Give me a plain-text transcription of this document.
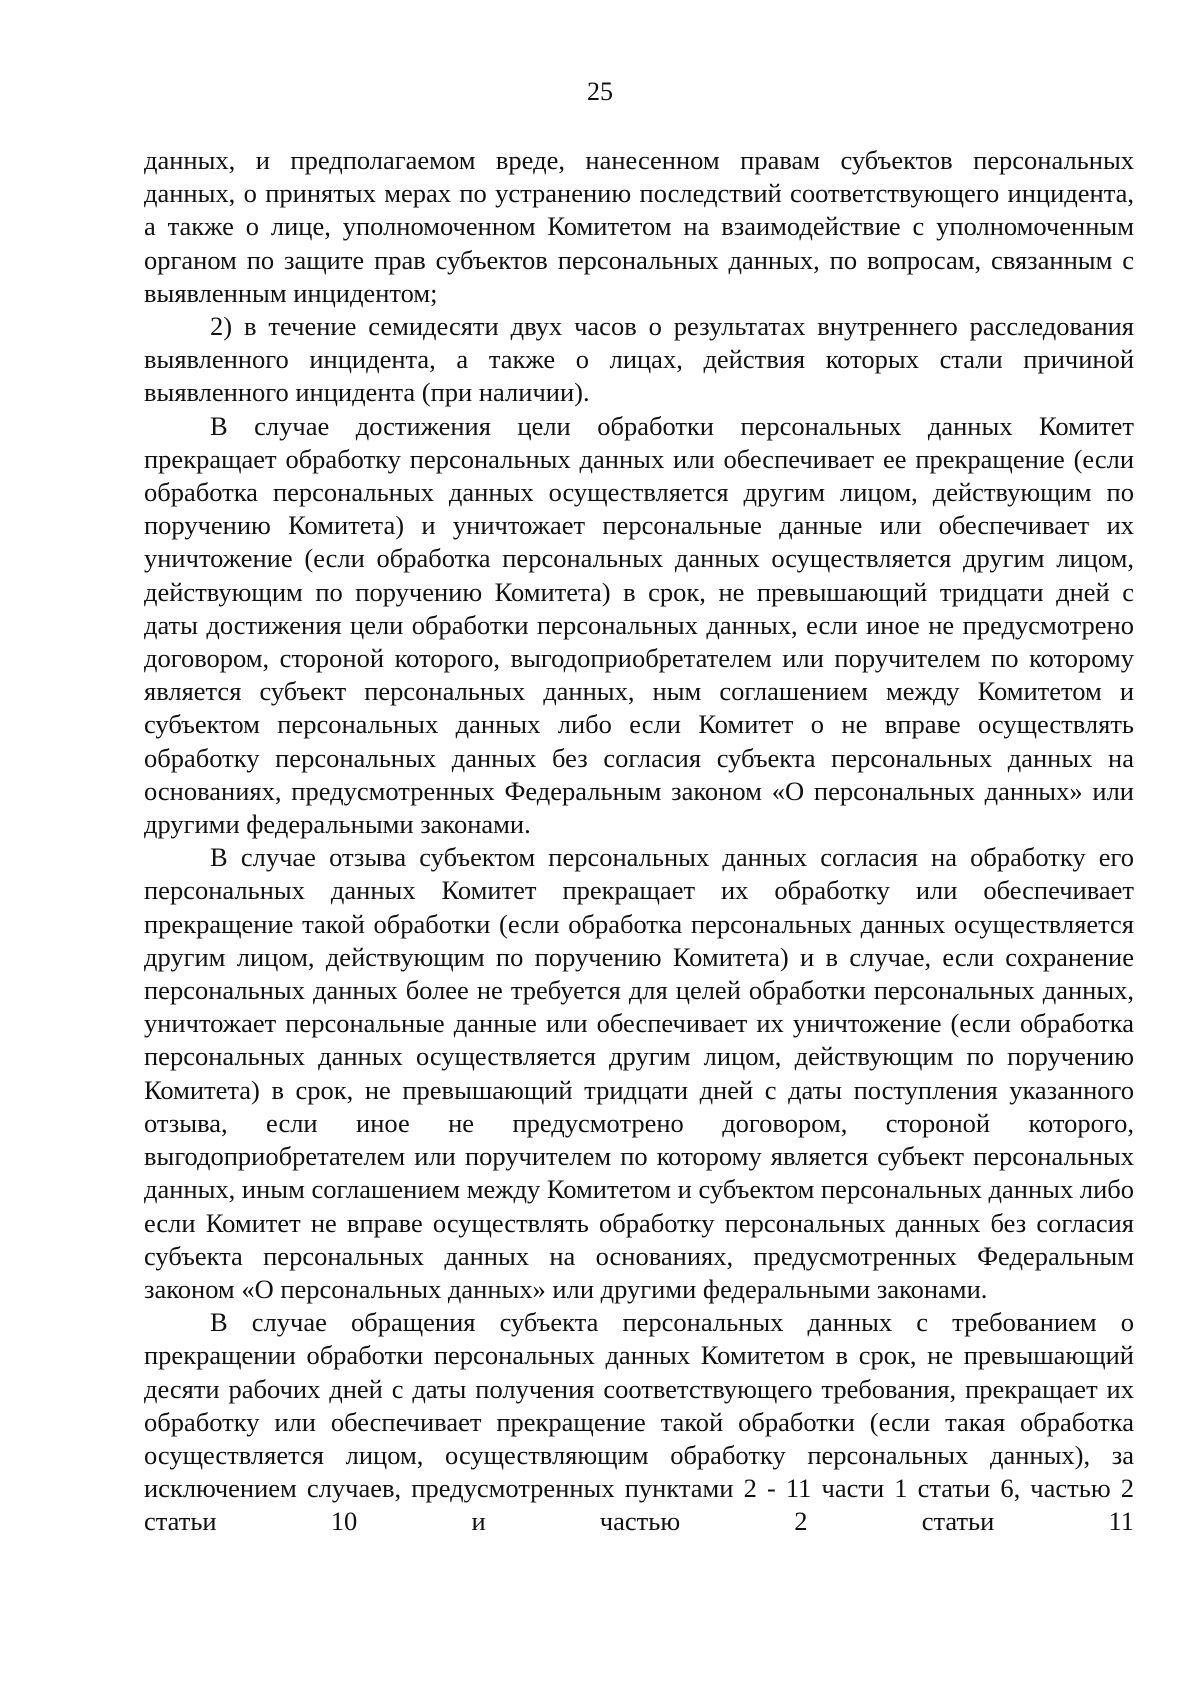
25

данных, и предполагаемом вреде, нанесенном правам субъектов персональных данных, о принятых мерах по устранению последствий соответствующего инцидента, а также о лице, уполномоченном Комитетом на взаимодействие с уполномоченным органом по защите прав субъектов персональных данных, по вопросам, связанным с выявленным инцидентом;

2) в течение семидесяти двух часов о результатах внутреннего расследования выявленного инцидента, а также о лицах, действия которых стали причиной выявленного инцидента (при наличии).

В случае достижения цели обработки персональных данных Комитет прекращает обработку персональных данных или обеспечивает ее прекращение (если обработка персональных данных осуществляется другим лицом, действующим по поручению Комитета) и уничтожает персональные данные или обеспечивает их уничтожение (если обработка персональных данных осуществляется другим лицом, действующим по поручению Комитета) в срок, не превышающий тридцати дней с даты достижения цели обработки персональных данных, если иное не предусмотрено договором, стороной которого, выгодоприобретателем или поручителем по которому является субъект персональных данных, ным соглашением между Комитетом и субъектом персональных данных либо если Комитет о не вправе осуществлять обработку персональных данных без согласия субъекта персональных данных на основаниях, предусмотренных Федеральным законом «О персональных данных» или другими федеральными законами.

В случае отзыва субъектом персональных данных согласия на обработку его персональных данных Комитет прекращает их обработку или обеспечивает прекращение такой обработки (если обработка персональных данных осуществляется другим лицом, действующим по поручению Комитета) и в случае, если сохранение персональных данных более не требуется для целей обработки персональных данных, уничтожает персональные данные или обеспечивает их уничтожение (если обработка персональных данных осуществляется другим лицом, действующим по поручению Комитета) в срок, не превышающий тридцати дней с даты поступления указанного отзыва, если иное не предусмотрено договором, стороной которого, выгодоприобретателем или поручителем по которому является субъект персональных данных, иным соглашением между Комитетом и субъектом персональных данных либо если Комитет не вправе осуществлять обработку персональных данных без согласия субъекта персональных данных на основаниях, предусмотренных Федеральным законом «О персональных данных» или другими федеральными законами.

В случае обращения субъекта персональных данных с требованием о прекращении обработки персональных данных Комитетом в срок, не превышающий десяти рабочих дней с даты получения соответствующего требования, прекращает их обработку или обеспечивает прекращение такой обработки (если такая обработка осуществляется лицом, осуществляющим обработку персональных данных), за исключением случаев, предусмотренных пунктами 2 - 11 части 1 статьи 6, частью 2 статьи 10 и частью 2 статьи 11
